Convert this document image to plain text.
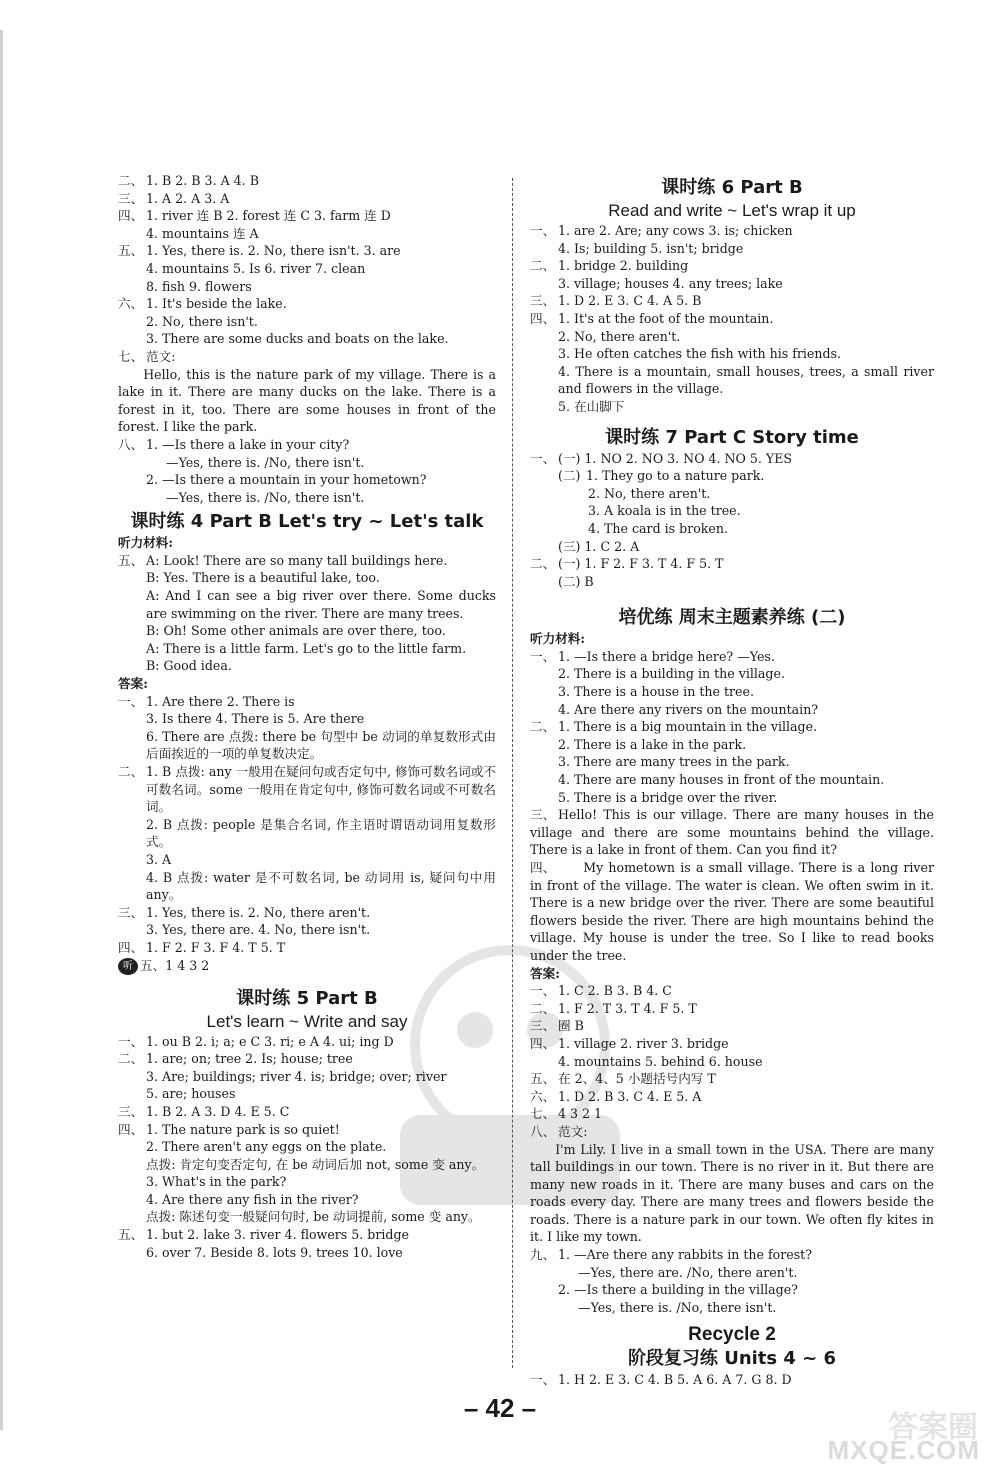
二、 1. B 2. B 3. A 4. B
三、 1. A 2. A 3. A
四、 1. river 连 B 2. forest 连 C 3. farm 连 D
4. mountains 连 A
五、 1. Yes, there is. 2. No, there isn't. 3. are
4. mountains 5. Is 6. river 7. clean
8. fish 9. flowers
六、 1. It's beside the lake.
2. No, there isn't.
3. There are some ducks and boats on the lake.
七、 范文:
Hello, this is the nature park of my village. There is a lake in it. There are many ducks on the lake. There is a forest in it, too. There are some houses in front of the forest. I like the park.
八、 1. —Is there a lake in your city?
—Yes, there is. /No, there isn't.
2. —Is there a mountain in your hometown?
—Yes, there is. /No, there isn't.
课时练 4 Part B Let's try ~ Let's talk
听力材料:
五、 A: Look! There are so many tall buildings here.
B: Yes. There is a beautiful lake, too.
A: And I can see a big river over there. Some ducks are swimming on the river. There are many trees.
B: Oh! Some other animals are over there, too.
A: There is a little farm. Let's go to the little farm.
B: Good idea.
答案:
一、 1. Are there 2. There is
3. Is there 4. There is 5. Are there
6. There are 点拨: there be 句型中 be 动词的单复数形式由后面挨近的一项的单复数决定。
二、 1. B 点拨: any 一般用在疑问句或否定句中, 修饰可数名词或不可数名词。some 一般用在肯定句中, 修饰可数名词或不可数名词。
2. B 点拨: people 是集合名词, 作主语时谓语动词用复数形式。
3. A
4. B 点拨: water 是不可数名词, be 动词用 is, 疑问句中用 any。
三、 1. Yes, there is. 2. No, there aren't.
3. Yes, there are. 4. No, there isn't.
四、 1. F 2. F 3. F 4. T 5. T
听 五、1 4 3 2
课时练 5 Part B
Let's learn ~ Write and say
一、 1. ou B 2. i; a; e C 3. ri; e A 4. ui; ing D
二、 1. are; on; tree 2. Is; house; tree
3. Are; buildings; river 4. is; bridge; over; river
5. are; houses
三、 1. B 2. A 3. D 4. E 5. C
四、 1. The nature park is so quiet!
2. There aren't any eggs on the plate.
点拨: 肯定句变否定句, 在 be 动词后加 not, some 变 any。
3. What's in the park?
4. Are there any fish in the river?
点拨: 陈述句变一般疑问句时, be 动词提前, some 变 any。
五、 1. but 2. lake 3. river 4. flowers 5. bridge
6. over 7. Beside 8. lots 9. trees 10. love
课时练 6 Part B
Read and write ~ Let's wrap it up
一、 1. are 2. Are; any cows 3. is; chicken
4. Is; building 5. isn't; bridge
二、 1. bridge 2. building
3. village; houses 4. any trees; lake
三、 1. D 2. E 3. C 4. A 5. B
四、 1. It's at the foot of the mountain.
2. No, there aren't.
3. He often catches the fish with his friends.
4. There is a mountain, small houses, trees, a small river and flowers in the village.
5. 在山脚下
课时练 7 Part C Story time
一、 (一) 1. NO 2. NO 3. NO 4. NO 5. YES
(二) 1. They go to a nature park.
2. No, there aren't.
3. A koala is in the tree.
4. The card is broken.
(三) 1. C 2. A
二、 (一) 1. F 2. F 3. T 4. F 5. T
(二) B
培优练 周末主题素养练 (二)
听力材料:
一、 1. —Is there a bridge here? —Yes.
2. There is a building in the village.
3. There is a house in the tree.
4. Are there any rivers on the mountain?
二、 1. There is a big mountain in the village.
2. There is a lake in the park.
3. There are many trees in the park.
4. There are many houses in front of the mountain.
5. There is a bridge over the river.
三、 Hello! This is our village. There are many houses in the village and there are some mountains behind the village. There is a lake in front of them. Can you find it?
四、 My hometown is a small village. There is a long river in front of the village. The water is clean. We often swim in it. There is a new bridge over the river. There are some beautiful flowers beside the river. There are high mountains behind the village. My house is under the tree. So I like to read books under the tree.
答案:
一、 1. C 2. B 3. B 4. C
二、 1. F 2. T 3. T 4. F 5. T
三、 圈 B
四、 1. village 2. river 3. bridge
4. mountains 5. behind 6. house
五、 在 2、4、5 小题括号内写 T
六、 1. D 2. B 3. C 4. E 5. A
七、 4 3 2 1
八、 范文:
I'm Lily. I live in a small town in the USA. There are many tall buildings in our town. There is no river in it. But there are many new roads in it. There are many buses and cars on the roads every day. There are many trees and flowers beside the roads. There is a nature park in our town. We often fly kites in it. I like my town.
九、 1. —Are there any rabbits in the forest?
—Yes, there are. /No, there aren't.
2. —Is there a building in the village?
—Yes, there is. /No, there isn't.
Recycle 2
阶段复习练 Units 4 ~ 6
一、 1. H 2. E 3. C 4. B 5. A 6. A 7. G 8. D
– 42 –
答案圈
MXQE.COM
